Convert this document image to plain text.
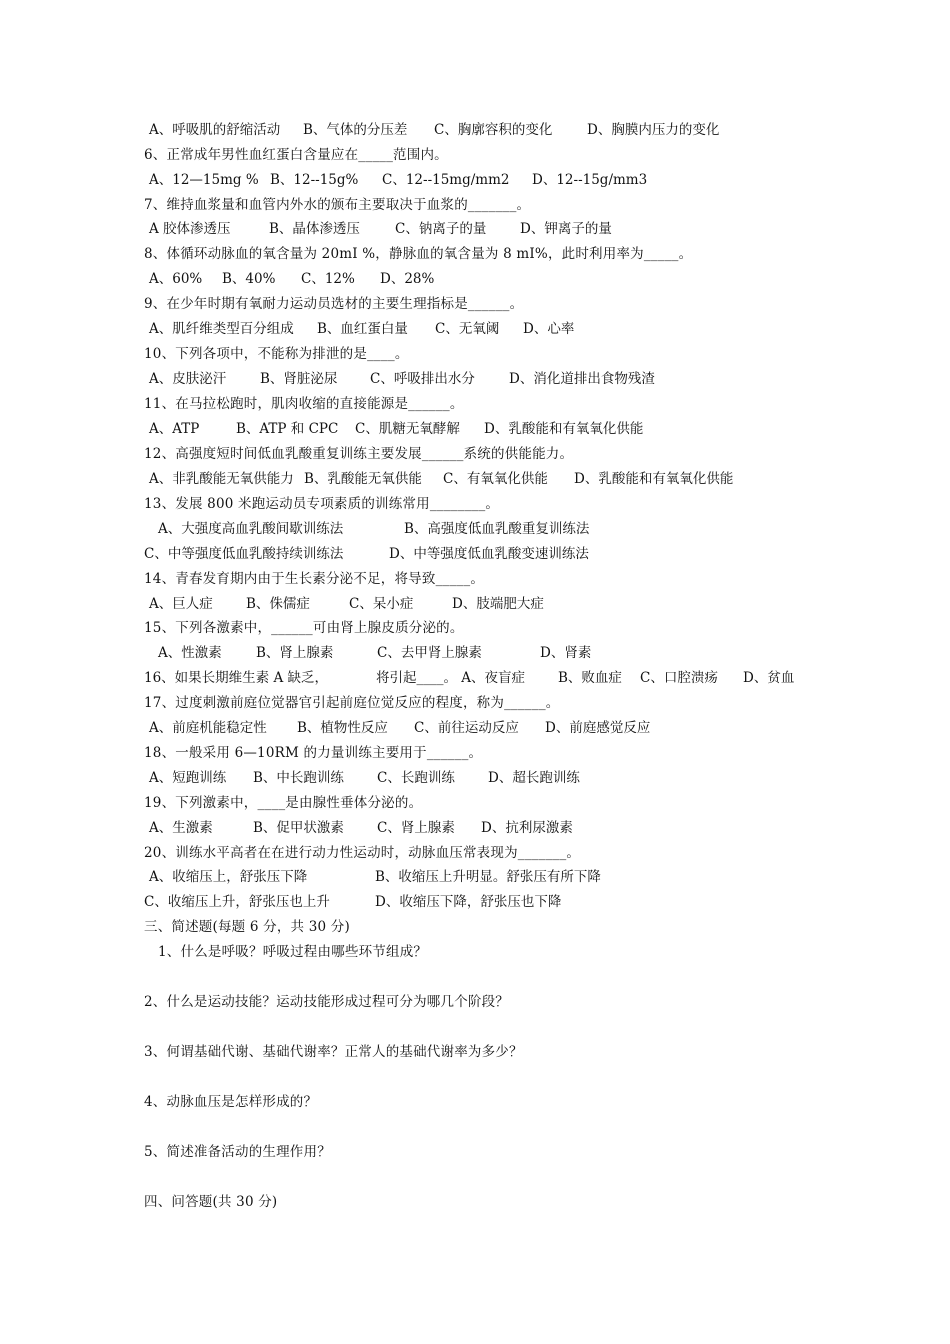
A、呼吸肌的舒缩活动 B、气体的分压差 C、胸廓容积的变化	D、胸膜内压力的变化
6、正常成年男性血红蛋白含量应在_____范围内。
A、12—15mg % B、12--15g% C、12--15mg/mm2 D、12--15g/mm3
7、维持血浆量和血管内外水的颁布主要取决于血浆的_______。
A 胶体渗透压	B、晶体渗透压	C、钠离子的量 D、钾离子的量
8、体循环动脉血的氧含量为 20mI %，静脉血的氧含量为 8 mI%，此时利用率为_____。
A、60% B、40% C、12% D、28%
9、在少年时期有氧耐力运动员选材的主要生理指标是______。
A、肌纤维类型百分组成 B、血红蛋白量 C、无氧阈 D、心率
10、下列各项中，不能称为排泄的是____。
A、皮肤泌汗	B、肾脏泌尿 C、呼吸排出水分	D、消化道排出食物残渣
11、在马拉松跑时，肌肉收缩的直接能源是______。
A、ATP	B、ATP 和 CPC C、肌糖无氧酵解 D、乳酸能和有氧氧化供能
12、高强度短时间低血乳酸重复训练主要发展______系统的供能能力。
A、非乳酸能无氧供能力 B、乳酸能无氧供能 C、有氧氧化供能 D、乳酸能和有氧氧化供能
13、发展 800 米跑运动员专项素质的训练常用________。
A、大强度高血乳酸间歇训练法	B、高强度低血乳酸重复训练法
C、中等强度低血乳酸持续训练法	D、中等强度低血乳酸变速训练法
14、青春发育期内由于生长素分泌不足，将导致_____。
A、巨人症 B、侏儒症	C、呆小症	D、肢端肥大症
15、下列各激素中，______可由肾上腺皮质分泌的。
A、性激素	B、肾上腺素	C、去甲肾上腺素	D、肾素
16、如果长期维生素 A 缺乏，	将引起____。 A、夜盲症 B、败血症 C、口腔溃疡 D、贫血
17、过度刺激前庭位觉器官引起前庭位觉反应的程度，称为______。
A、前庭机能稳定性 B、植物性反应 C、前往运动反应 D、前庭感觉反应
18、一般采用 6—10RM 的力量训练主要用于______。
A、短跑训练 B、中长跑训练 C、长跑训练 D、超长跑训练
19、下列激素中，____是由腺性垂体分泌的。
A、生激素	B、促甲状激素 C、肾上腺素 D、抗利尿激素
20、训练水平高者在在进行动力性运动时，动脉血压常表现为_______。
A、收缩压上，舒张压下降	B、收缩压上升明显。舒张压有所下降
C、收缩压上升，舒张压也上升	D、收缩压下降，舒张压也下降
三、简述题(每题 6 分，共 30 分)
1、什么是呼吸？呼吸过程由哪些环节组成？
2、什么是运动技能？运动技能形成过程可分为哪几个阶段？
3、何谓基础代谢、基础代谢率？正常人的基础代谢率为多少？
4、动脉血压是怎样形成的？
5、简述准备活动的生理作用？
四、问答题(共 30 分)
